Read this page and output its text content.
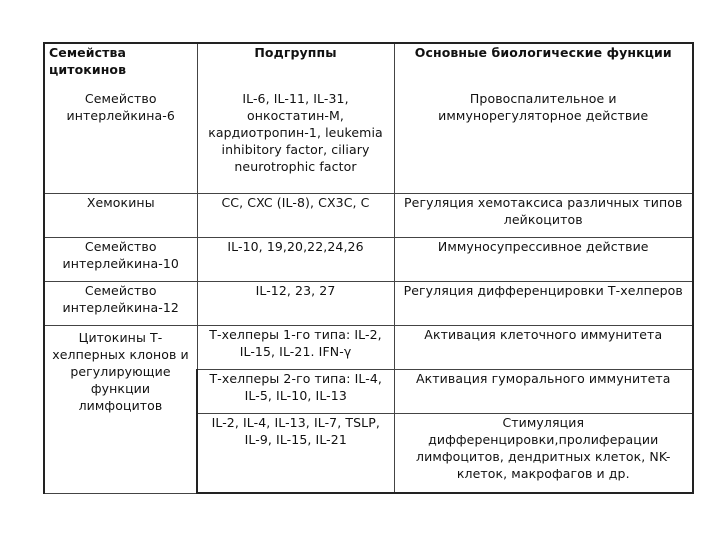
Семейства цитокинов	Подгруппы	Основные биологические функции
Семейство интерлейкина-6	IL-6, IL-11, IL-31, онкостатин-М, кардиотропин-1, leukemia inhibitory factor, ciliary neurotrophic factor	Провоспалительное и иммунорегуляторное действие
Хемокины	CC, CXC (IL-8), CX3C, C	Регуляция хемотаксиса различных типов лейкоцитов
Семейство интерлейкина-10	IL-10, 19,20,22,24,26	Иммуносупрессивное действие
Семейство интерлейкина-12	IL-12, 23, 27	Регуляция дифференцировки Т-хелперов
Цитокины Т-хелперных клонов и регулирующие функции лимфоцитов	Т-хелперы 1-го типа: IL-2, IL-15, IL-21. IFN-γ	Активация клеточного иммунитета
	Т-хелперы 2-го типа: IL-4, IL-5, IL-10, IL-13	Активация гуморального иммунитета
	IL-2, IL-4, IL-13, IL-7, TSLP, IL-9, IL-15, IL-21	Стимуляция дифференцировки,пролиферации лимфоцитов, дендритных клеток, NK-клеток, макрофагов и др.
